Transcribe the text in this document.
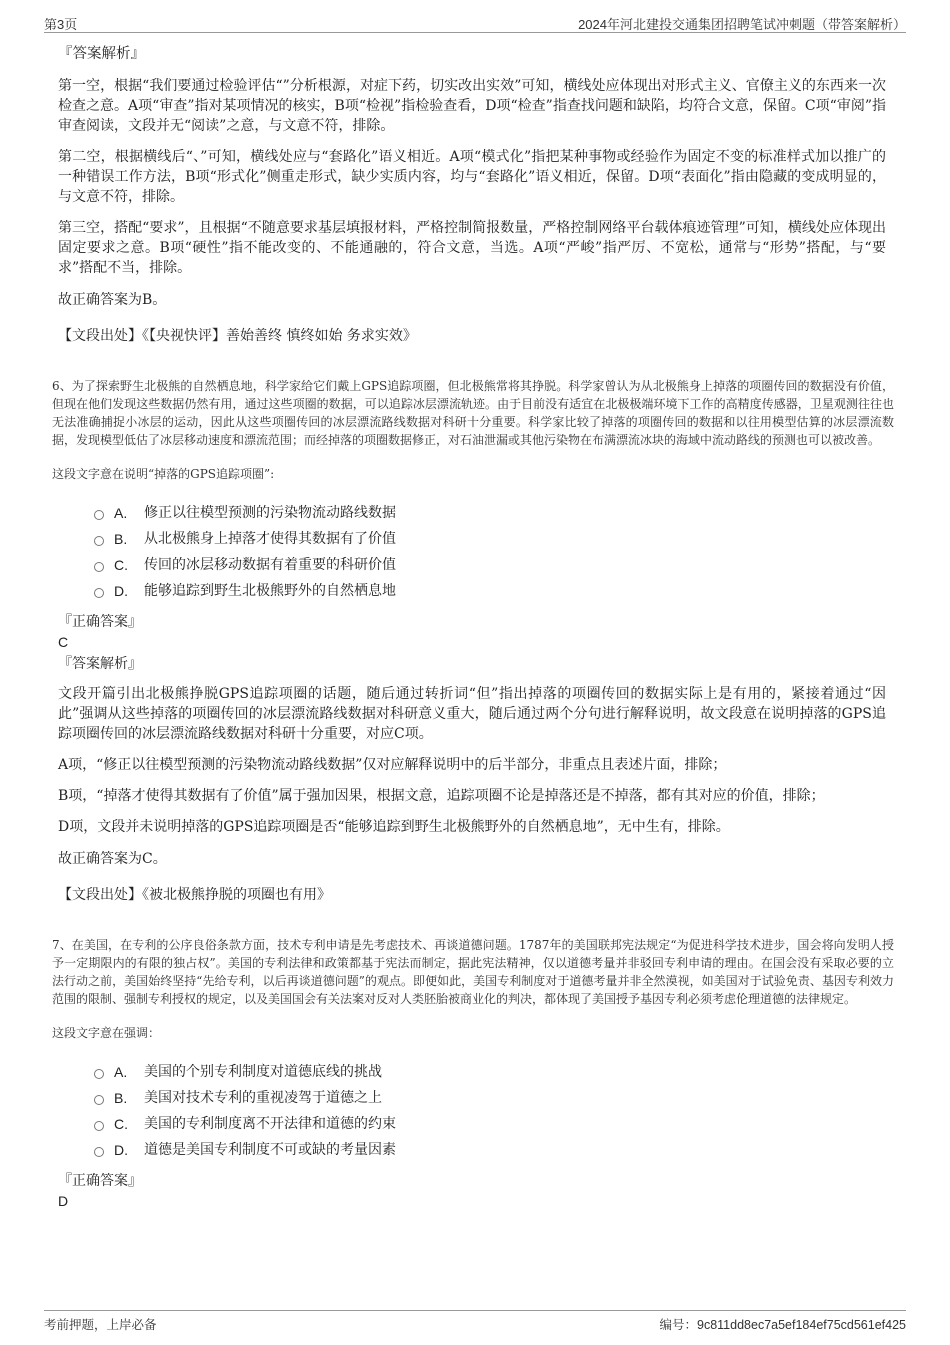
第3页	2024年河北建投交通集团招聘笔试冲刺题（带答案解析）
『答案解析』

第一空，根据“我们要通过检验评估“”分析根源，对症下药，切实改出实效”可知，横线处应体现出对形式主义、官僚主义的东西来一次检查之意。A项“审查”指对某项情况的核实，B项“检视”指检验查看，D项“检查”指查找问题和缺陷，均符合文意，保留。C项“审阅”指审查阅读，文段并无“阅读”之意，与文意不符，排除。

第二空，根据横线后“、”可知，横线处应与“套路化”语义相近。A项“模式化”指把某种事物或经验作为固定不变的标准样式加以推广的一种错误工作方法，B项“形式化”侧重走形式，缺少实质内容，均与“套路化”语义相近，保留。D项“表面化”指由隐藏的变成明显的，与文意不符，排除。

第三空，搭配“要求”，且根据“不随意要求基层填报材料，严格控制简报数量，严格控制网络平台载体痕迹管理”可知，横线处应体现出固定要求之意。B项“硬性”指不能改变的、不能通融的，符合文意，当选。A项“严峻”指严厉、不宽松，通常与“形势”搭配，与“要求”搭配不当，排除。

故正确答案为B。
【文段出处】《【央视快评】善始善终 慎终如始 务求实效》

6、为了探索野生北极熊的自然栖息地，科学家给它们戴上GPS追踪项圈，但北极熊常将其挣脱。科学家曾认为从北极熊身上掉落的项圈传回的数据没有价值，但现在他们发现这些数据仍然有用，通过这些项圈的数据，可以追踪冰层漂流轨迹。由于目前没有适宜在北极极端环境下工作的高精度传感器，卫星观测往往也无法准确捕捉小冰层的运动，因此从这些项圈传回的冰层漂流路线数据对科研十分重要。科学家比较了掉落的项圈传回的数据和以往用模型估算的冰层漂流数据，发现模型低估了冰层移动速度和漂流范围；而经掉落的项圈数据修正，对石油泄漏或其他污染物在布满漂流冰块的海域中流动路线的预测也可以被改善。

这段文字意在说明“掉落的GPS追踪项圈”:
A.	修正以往模型预测的污染物流动路线数据
B.	从北极熊身上掉落才使得其数据有了价值
C.	传回的冰层移动数据有着重要的科研价值
D.	能够追踪到野生北极熊野外的自然栖息地
『正确答案』
C
『答案解析』

文段开篇引出北极熊挣脱GPS追踪项圈的话题，随后通过转折词“但”指出掉落的项圈传回的数据实际上是有用的，紧接着通过“因此”强调从这些掉落的项圈传回的冰层漂流路线数据对科研意义重大，随后通过两个分句进行解释说明，故文段意在说明掉落的GPS追踪项圈传回的冰层漂流路线数据对科研十分重要，对应C项。

A项，“修正以往模型预测的污染物流动路线数据”仅对应解释说明中的后半部分，非重点且表述片面，排除；

B项，“掉落才使得其数据有了价值”属于强加因果，根据文意，追踪项圈不论是掉落还是不掉落，都有其对应的价值，排除；

D项，文段并未说明掉落的GPS追踪项圈是否“能够追踪到野生北极熊野外的自然栖息地”，无中生有，排除。

故正确答案为C。
【文段出处】《被北极熊挣脱的项圈也有用》

7、在美国，在专利的公序良俗条款方面，技术专利申请是先考虑技术、再谈道德问题。1787年的美国联邦宪法规定“为促进科学技术进步，国会将向发明人授予一定期限内的有限的独占权”。美国的专利法律和政策都基于宪法而制定，据此宪法精神，仅以道德考量并非驳回专利申请的理由。在国会没有采取必要的立法行动之前，美国始终坚持“先给专利，以后再谈道德问题”的观点。即便如此，美国专利制度对于道德考量并非全然漠视，如美国对于试验免责、基因专利效力范围的限制、强制专利授权的规定，以及美国国会有关法案对反对人类胚胎被商业化的判决，都体现了美国授予基因专利必须考虑伦理道德的法律规定。

这段文字意在强调：
A.	美国的个别专利制度对道德底线的挑战
B.	美国对技术专利的重视凌驾于道德之上
C.	美国的专利制度离不开法律和道德的约束
D.	道德是美国专利制度不可或缺的考量因素
『正确答案』
D
考前押题，上岸必备	编号：9c811dd8ec7a5ef184ef75cd561ef425
